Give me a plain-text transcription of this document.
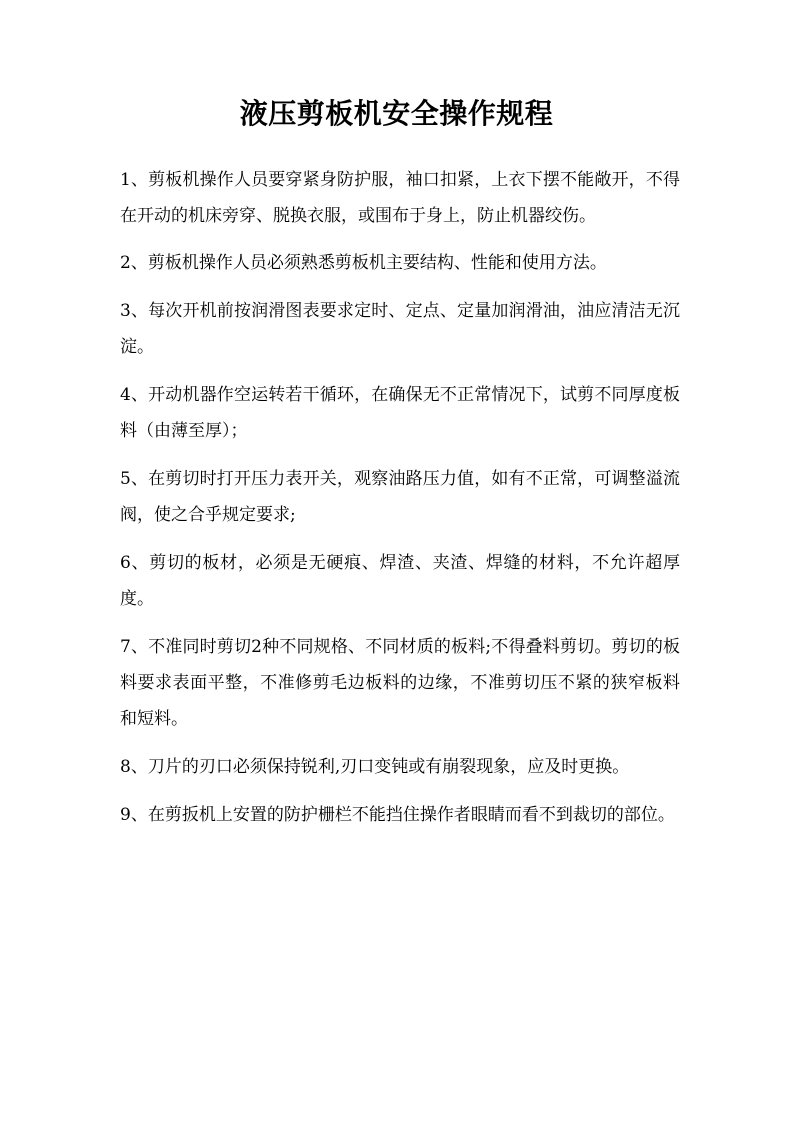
液压剪板机安全操作规程

1、剪板机操作人员要穿紧身防护服，袖口扣紧，上衣下摆不能敞开，不得在开动的机床旁穿、脱换衣服，或围布于身上，防止机器绞伤。

2、剪板机操作人员必须熟悉剪板机主要结构、性能和使用方法。

3、每次开机前按润滑图表要求定时、定点、定量加润滑油，油应清洁无沉淀。

4、开动机器作空运转若干循环，在确保无不正常情况下，试剪不同厚度板料（由薄至厚）；

5、在剪切时打开压力表开关，观察油路压力值，如有不正常，可调整溢流阀，使之合乎规定要求;

6、剪切的板材，必须是无硬痕、焊渣、夹渣、焊缝的材料，不允许超厚度。

7、不准同时剪切2种不同规格、不同材质的板料;不得叠料剪切。剪切的板料要求表面平整，不准修剪毛边板料的边缘，不准剪切压不紧的狭窄板料和短料。

8、刀片的刃口必须保持锐利,刃口变钝或有崩裂现象，应及时更换。

9、在剪扳机上安置的防护栅栏不能挡住操作者眼睛而看不到裁切的部位。
